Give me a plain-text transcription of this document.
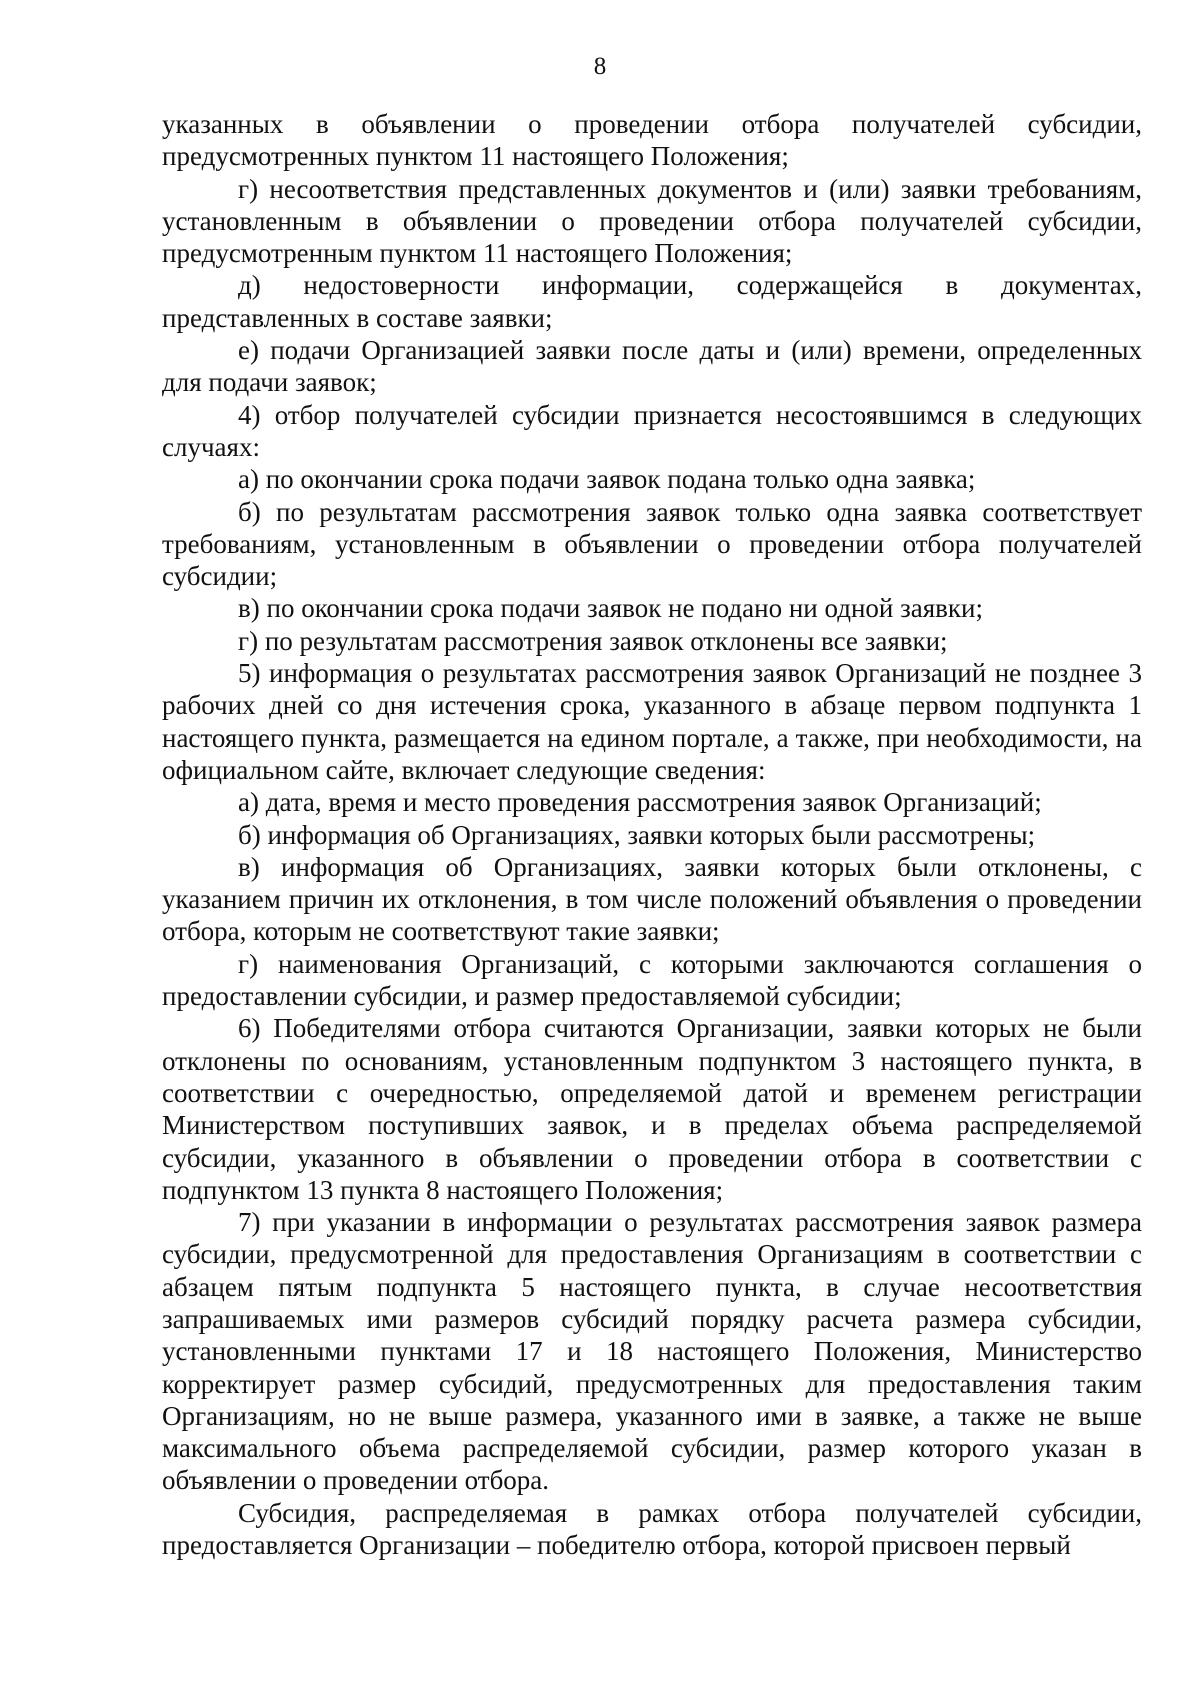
8

указанных в объявлении о проведении отбора получателей субсидии, предусмотренных пунктом 11 настоящего Положения;

г) несоответствия представленных документов и (или) заявки требованиям, установленным в объявлении о проведении отбора получателей субсидии, предусмотренным пунктом 11 настоящего Положения;

д) недостоверности информации, содержащейся в документах, представленных в составе заявки;

е) подачи Организацией заявки после даты и (или) времени, определенных для подачи заявок;

4) отбор получателей субсидии признается несостоявшимся в следующих случаях:

а) по окончании срока подачи заявок подана только одна заявка;

б) по результатам рассмотрения заявок только одна заявка соответствует требованиям, установленным в объявлении о проведении отбора получателей субсидии;

в) по окончании срока подачи заявок не подано ни одной заявки;

г) по результатам рассмотрения заявок отклонены все заявки;

5) информация о результатах рассмотрения заявок Организаций не позднее 3 рабочих дней со дня истечения срока, указанного в абзаце первом подпункта 1 настоящего пункта, размещается на едином портале, а также, при необходимости, на официальном сайте, включает следующие сведения:

а) дата, время и место проведения рассмотрения заявок Организаций;

б) информация об Организациях, заявки которых были рассмотрены;

в) информация об Организациях, заявки которых были отклонены, с указанием причин их отклонения, в том числе положений объявления о проведении отбора, которым не соответствуют такие заявки;

г) наименования Организаций, с которыми заключаются соглашения о предоставлении субсидии, и размер предоставляемой субсидии;

6) Победителями отбора считаются Организации, заявки которых не были отклонены по основаниям, установленным подпунктом 3 настоящего пункта, в соответствии с очередностью, определяемой датой и временем регистрации Министерством поступивших заявок, и в пределах объема распределяемой субсидии, указанного в объявлении о проведении отбора в соответствии с подпунктом 13 пункта 8 настоящего Положения;

7) при указании в информации о результатах рассмотрения заявок размера субсидии, предусмотренной для предоставления Организациям в соответствии с абзацем пятым подпункта 5 настоящего пункта, в случае несоответствия запрашиваемых ими размеров субсидий порядку расчета размера субсидии, установленными пунктами 17 и 18 настоящего Положения, Министерство корректирует размер субсидий, предусмотренных для предоставления таким Организациям, но не выше размера, указанного ими в заявке, а также не выше максимального объема распределяемой субсидии, размер которого указан в объявлении о проведении отбора.

Субсидия, распределяемая в рамках отбора получателей субсидии, предоставляется Организации – победителю отбора, которой присвоен первый
